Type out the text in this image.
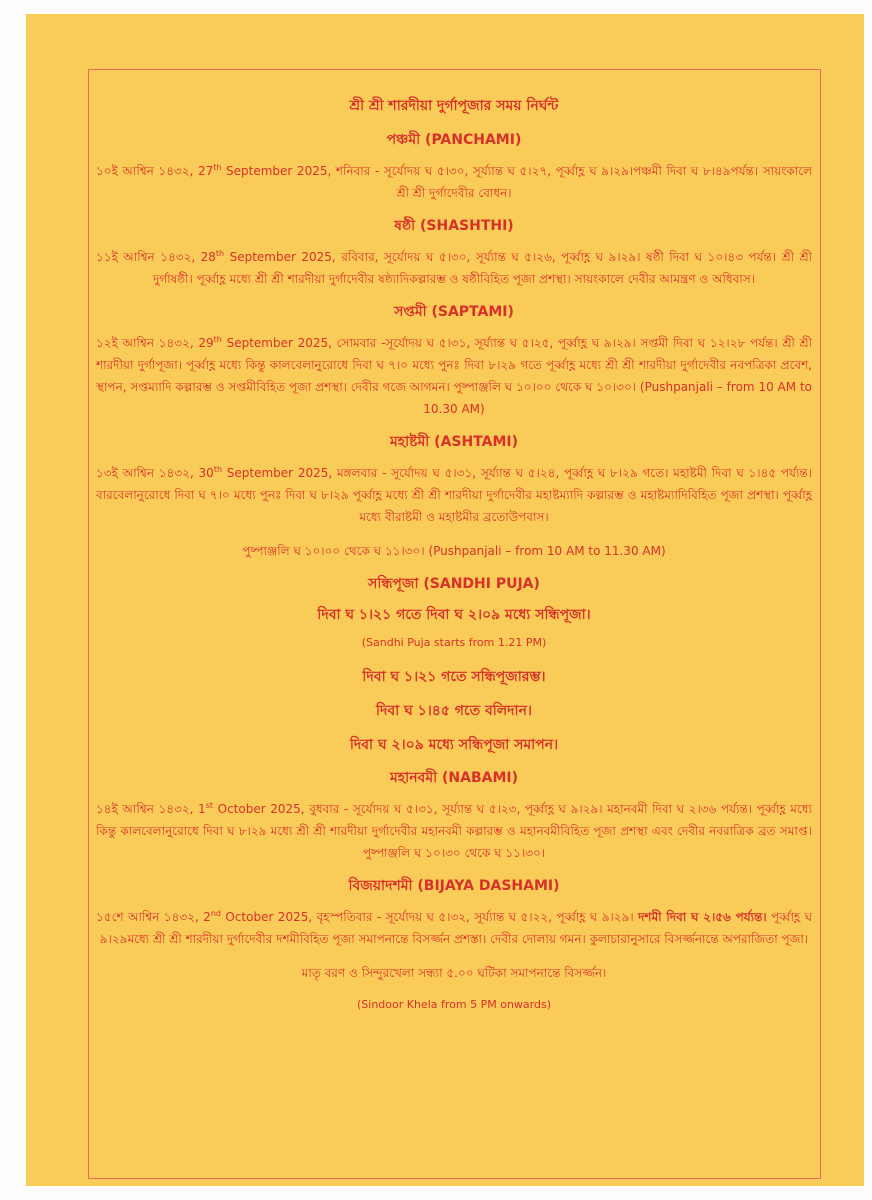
শ্রী শ্রী শারদীয়া দুর্গাপূজার সময় নির্ঘন্ট
পঞ্চমী (PANCHAMI)
১০ই আশ্বিন ১৪৩২, 27th September 2025, শনিবার - সূর্যোদয় ঘ ৫।৩০, সূর্য্যান্ত ঘ ৫।২৭, পূর্ব্বাহ্ণ ঘ ৯।২৯।পঞ্চমী দিবা ঘ ৮।৪৯পর্যন্ত। সায়ংকালে শ্রী শ্রী দুর্গাদেবীর বোধন।
ষষ্ঠী (SHASHTHI)
১১ই আশ্বিন ১৪৩২, 28th September 2025, রবিবার, সূর্যোদয় ঘ ৫।৩০, সূর্য্যান্ত ঘ ৫।২৬, পূর্ব্বাহ্ণ ঘ ৯।২৯। ষষ্ঠী দিবা ঘ ১০।৪৩ পর্যন্ত। শ্রী শ্রী দুর্গাষষ্ঠী। পূর্ব্বাহ্ণ মধ্যে শ্রী শ্রী শারদীয়া দুর্গাদেবীর ষষ্ঠ্যাদিকল্পারম্ভ ও ষষ্ঠীবিহিত পূজা প্রশস্থা। সায়ংকালে দেবীর আমন্ত্রণ ও অধিবাস।
সপ্তমী (SAPTAMI)
১২ই আশ্বিন ১৪৩২, 29th September 2025, সোমবার -সূর্যোদয় ঘ ৫।৩১, সূর্য্যান্ত ঘ ৫।২৫, পূর্ব্বাহ্ণ ঘ ৯।২৯। সপ্তমী দিবা ঘ ১২।২৮ পর্যন্ত। শ্রী শ্রী শারদীয়া দুর্গাপূজা। পূর্ব্বাহ্ণ মধ্যে কিন্তু কালবেলানুরোধে দিবা ঘ ৭।০ মধ্যে পুনঃ দিবা ৮।২৯ গতে পূর্ব্বাহ্ণ মধ্যে শ্রী শ্রী শারদীয়া দুর্গাদেবীর নবপত্রিকা প্রবেশ, স্থাপন, সপ্তম্যাদি কল্পারম্ভ ও সপ্তমীবিহিত পূজা প্রশস্থা। দেবীর গজে আগমন। পুষ্পাঞ্জলি ঘ ১০।০০ থেকে ঘ ১০।৩০। (Pushpanjali – from 10 AM to 10.30 AM)
মহাষ্টমী (ASHTAMI)
১৩ই আশ্বিন ১৪৩২, 30th September 2025, মঙ্গলবার - সূর্যোদয় ঘ ৫।৩১, সূর্য্যান্ত ঘ ৫।২৪, পূর্ব্বাহ্ণ ঘ ৮।২৯ গতে। মহাষ্টমী দিবা ঘ ১।৪৫ পর্য্যন্ত।বারবেলানুরোধে দিবা ঘ ৭।০ মধ্যে পুনঃ দিবা ঘ ৮।২৯ পূর্ব্বাহ্ণ মধ্যে শ্রী শ্রী শারদীয়া দুর্গাদেবীর মহাষ্টম্যাদি কল্পারম্ভ ও মহাষ্টম্যাদিবিহিত পূজা প্রশস্থা। পূর্ব্বাহ্ণ মধ্যে বীরাষ্টমী ও মহাষ্টমীর ব্রতোউপবাস।
পুষ্পাঞ্জলি ঘ ১০।০০ থেকে ঘ ১১।৩০। (Pushpanjali – from 10 AM to 11.30 AM)
সন্ধিপূজা (SANDHI PUJA)
দিবা ঘ ১।২১ গতে দিবা ঘ ২।০৯ মধ্যে সন্ধিপূজা।
(Sandhi Puja starts from 1.21 PM)
দিবা ঘ ১।২১ গতে সন্ধিপূজারম্ভ।
দিবা ঘ ১।৪৫ গতে বলিদান।
দিবা ঘ ২।০৯ মধ্যে সন্ধিপূজা সমাপন।
মহানবমী (NABAMI)
১৪ই আশ্বিন ১৪৩২, 1st October 2025, বুধবার - সূর্যোদয় ঘ ৫।৩১, সূর্য্যান্ত ঘ ৫।২৩, পূর্ব্বাহ্ণ ঘ ৯।২৯। মহানবমী দিবা ঘ ২।৩৬ পর্য্যন্ত। পূর্ব্বাহ্ণ মধ্যে কিন্তু কালবেলানুরোধে দিবা ঘ ৮।২৯ মধ্যে শ্রী শ্রী শারদীয়া দুর্গাদেবীর মহানবমী কল্পারম্ভ ও মহানবমীবিহিত পূজা প্রশস্থা এবং দেবীর নবরাত্রিক ব্রত সমাপ্ত। পুষ্পাঞ্জলি ঘ ১০।৩০ থেকে ঘ ১১।৩০।
বিজয়াদশমী (BIJAYA DASHAMI)
১৫শে আশ্বিন ১৪৩২, 2nd October 2025, বৃহস্পতিবার - সূর্যোদয় ঘ ৫।৩২, সূর্য্যান্ত ঘ ৫।২২, পূর্ব্বাহ্ণ ঘ ৯।২৯। দশমী দিবা ঘ ২।৫৬ পর্য্যন্ত। পূর্ব্বাহ্ণ ঘ ৯।২৯মধ্যে শ্রী শ্রী শারদীয়া দুর্গাদেবীর দশমীবিহিত পূজা সমাপনান্তে বিসর্জ্জন প্রশস্তা। দেবীর দোলায় গমন। কুলাচারানুসারে বিসর্জ্জনান্তে অপরাজিতা পূজা।
মাতৃ বরণ ও সিন্দুরখেলা সন্ধ্যা ৫.০০ ঘটিকা সমাপনান্তে বিসর্জ্জন।
(Sindoor Khela from 5 PM onwards)
